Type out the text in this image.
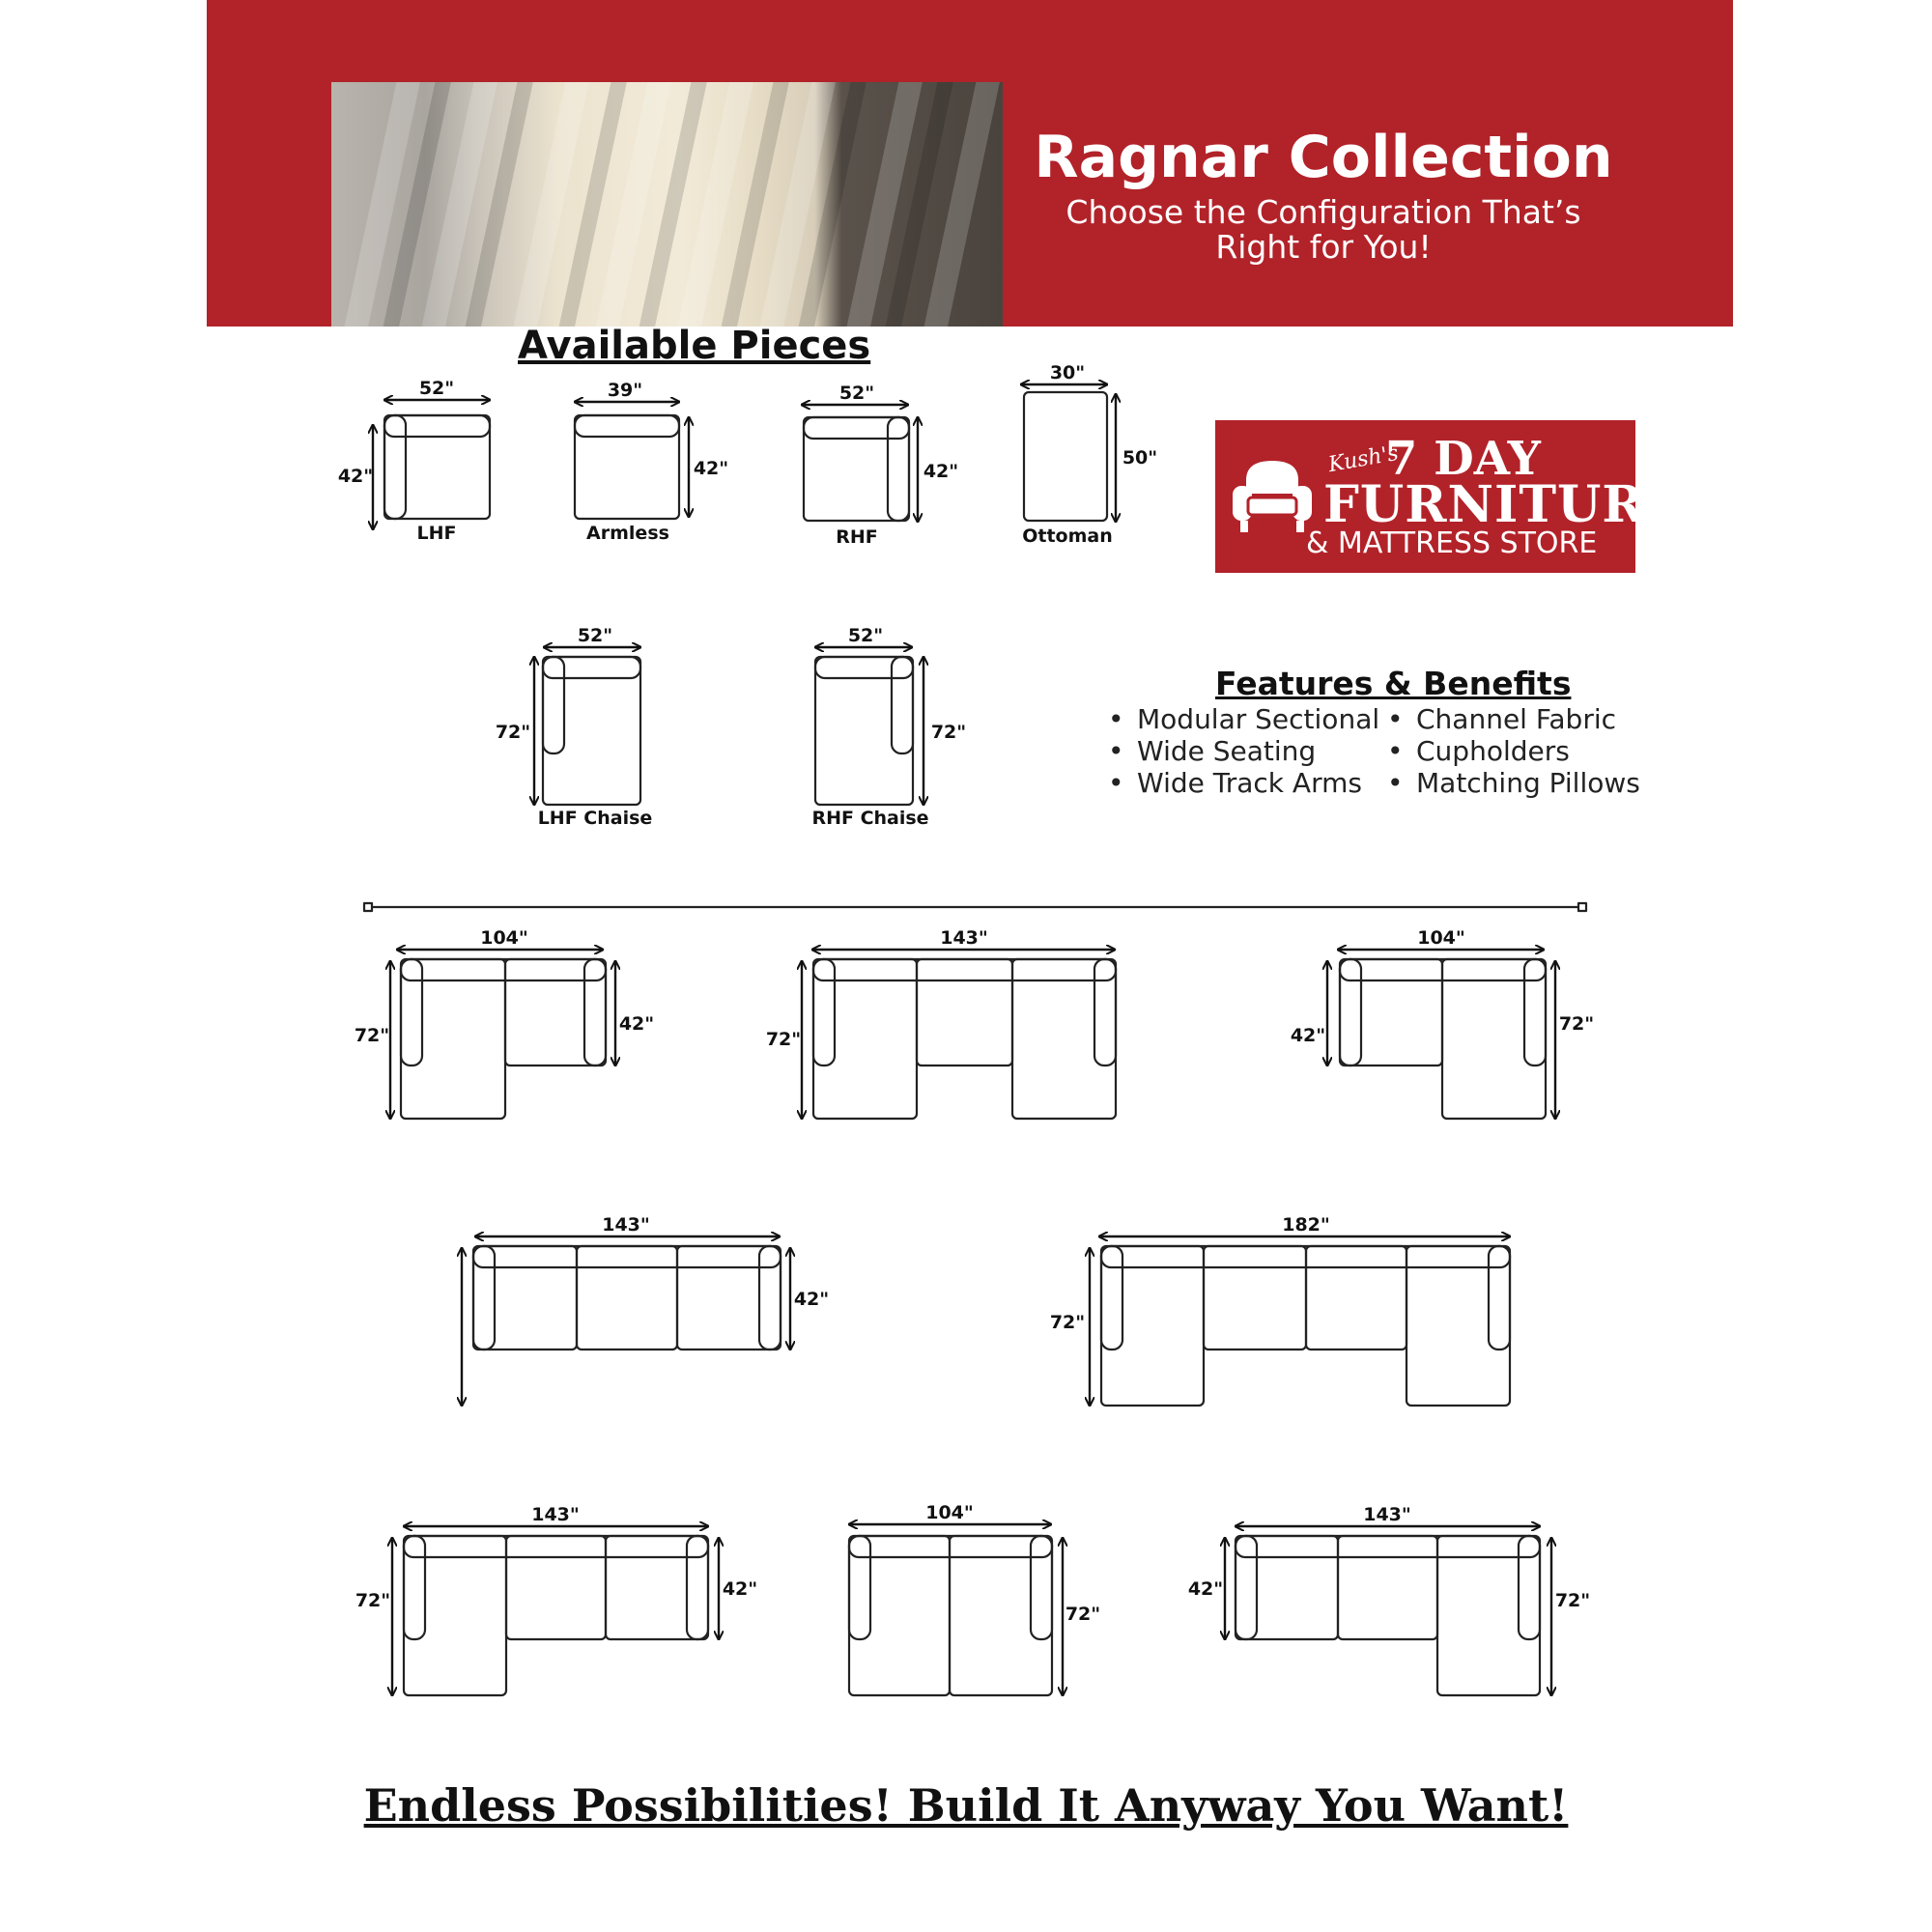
Ragnar Collection
Choose the Configuration That’s
Right for You!
Available Pieces
Kush's
7 DAY
FURNITURE
& MATTRESS STORE
Features & Benefits
• Modular Sectional
• Wide Seating
• Wide Track Arms
• Channel Fabric
• Cupholders
• Matching Pillows
52"
42"
LHF
39"
42"
Armless
52"
42"
RHF
30"
50"
Ottoman
52"
72"
LHF Chaise
52"
72"
RHF Chaise
104"
72"
42"
143"
72"
104"
42"
72"
143"
42"
182"
72"
143"
72"
42"
104"
72"
143"
42"
72"
Endless Possibilities! Build It Anyway You Want!
